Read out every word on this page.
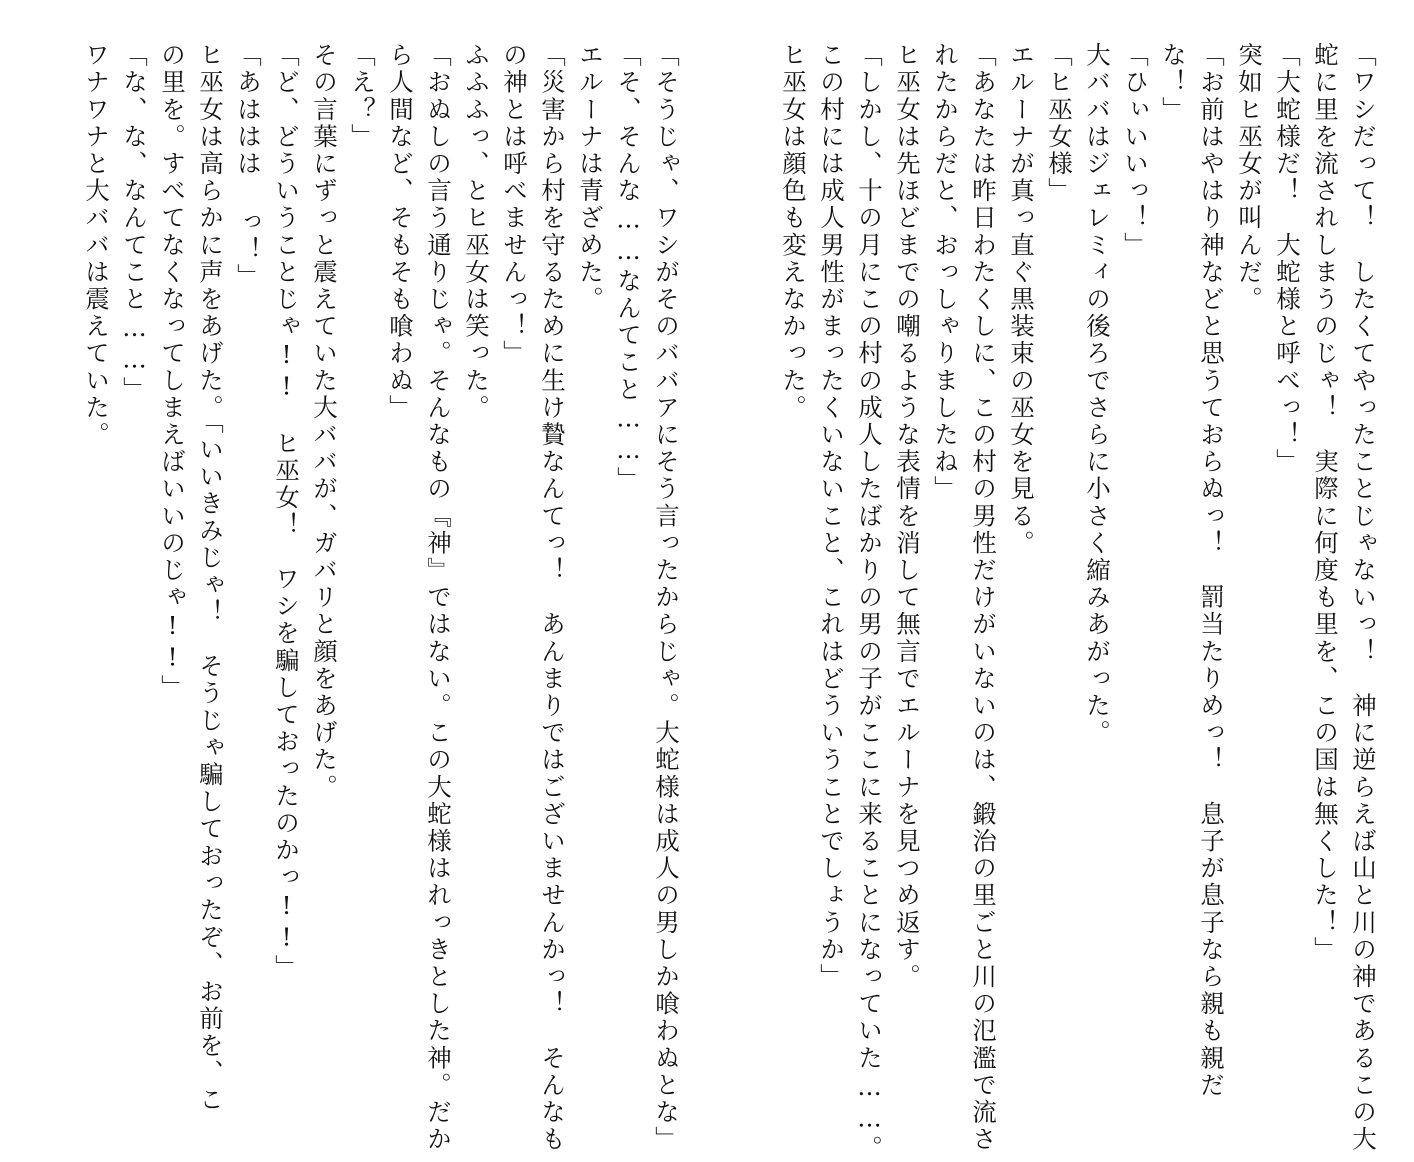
「ワシだって！　したくてやったことじゃないっ！　神に逆らえば山と川の神であるこの大
蛇に里を流されしまうのじゃ！　実際に何度も里を、この国は無くした！」
「大蛇様だ！　大蛇様と呼べっ！」
突如ヒ巫女が叫んだ。
「お前はやはり神などと思うておらぬっ！　罰当たりめっ！　息子が息子なら親も親だ
な！」
「ひぃいいっ！」
大ババはジェレミィの後ろでさらに小さく縮みあがった。
「ヒ巫女様」
エルーナが真っ直ぐ黒装束の巫女を見る。
「あなたは昨日わたくしに、この村の男性だけがいないのは、鍛治の里ごと川の氾濫で流さ
れたからだと、おっしゃりましたね」
ヒ巫女は先ほどまでの嘲るような表情を消して無言でエルーナを見つめ返す。
「しかし、十の月にこの村の成人したばかりの男の子がここに来ることになっていた……。
この村には成人男性がまったくいないこと、これはどういうことでしょうか」
ヒ巫女は顔色も変えなかった。
「そうじゃ、ワシがそのババアにそう言ったからじゃ。大蛇様は成人の男しか喰わぬとな」
「そ、そんな……なんてこと……」
エルーナは青ざめた。
「災害から村を守るために生け贄なんてっ！　あんまりではございませんかっ！　そんなも
の神とは呼べませんっ！」
ふふふっ、とヒ巫女は笑った。
「おぬしの言う通りじゃ。そんなもの『神』ではない。この大蛇様はれっきとした神。だか
ら人間など、そもそも喰わぬ」
「え？」
その言葉にずっと震えていた大ババが、ガバリと顔をあげた。
「ど、どういうことじゃ!!　ヒ巫女！　ワシを騙しておったのかっ!!」
「あははは っ！」
ヒ巫女は高らかに声をあげた。「いいきみじゃ！　そうじゃ騙しておったぞ、お前を、こ
の里を。すべてなくなってしまえばいいのじゃ!!」
「な、な、なんてこと……」
ワナワナと大ババは震えていた。
